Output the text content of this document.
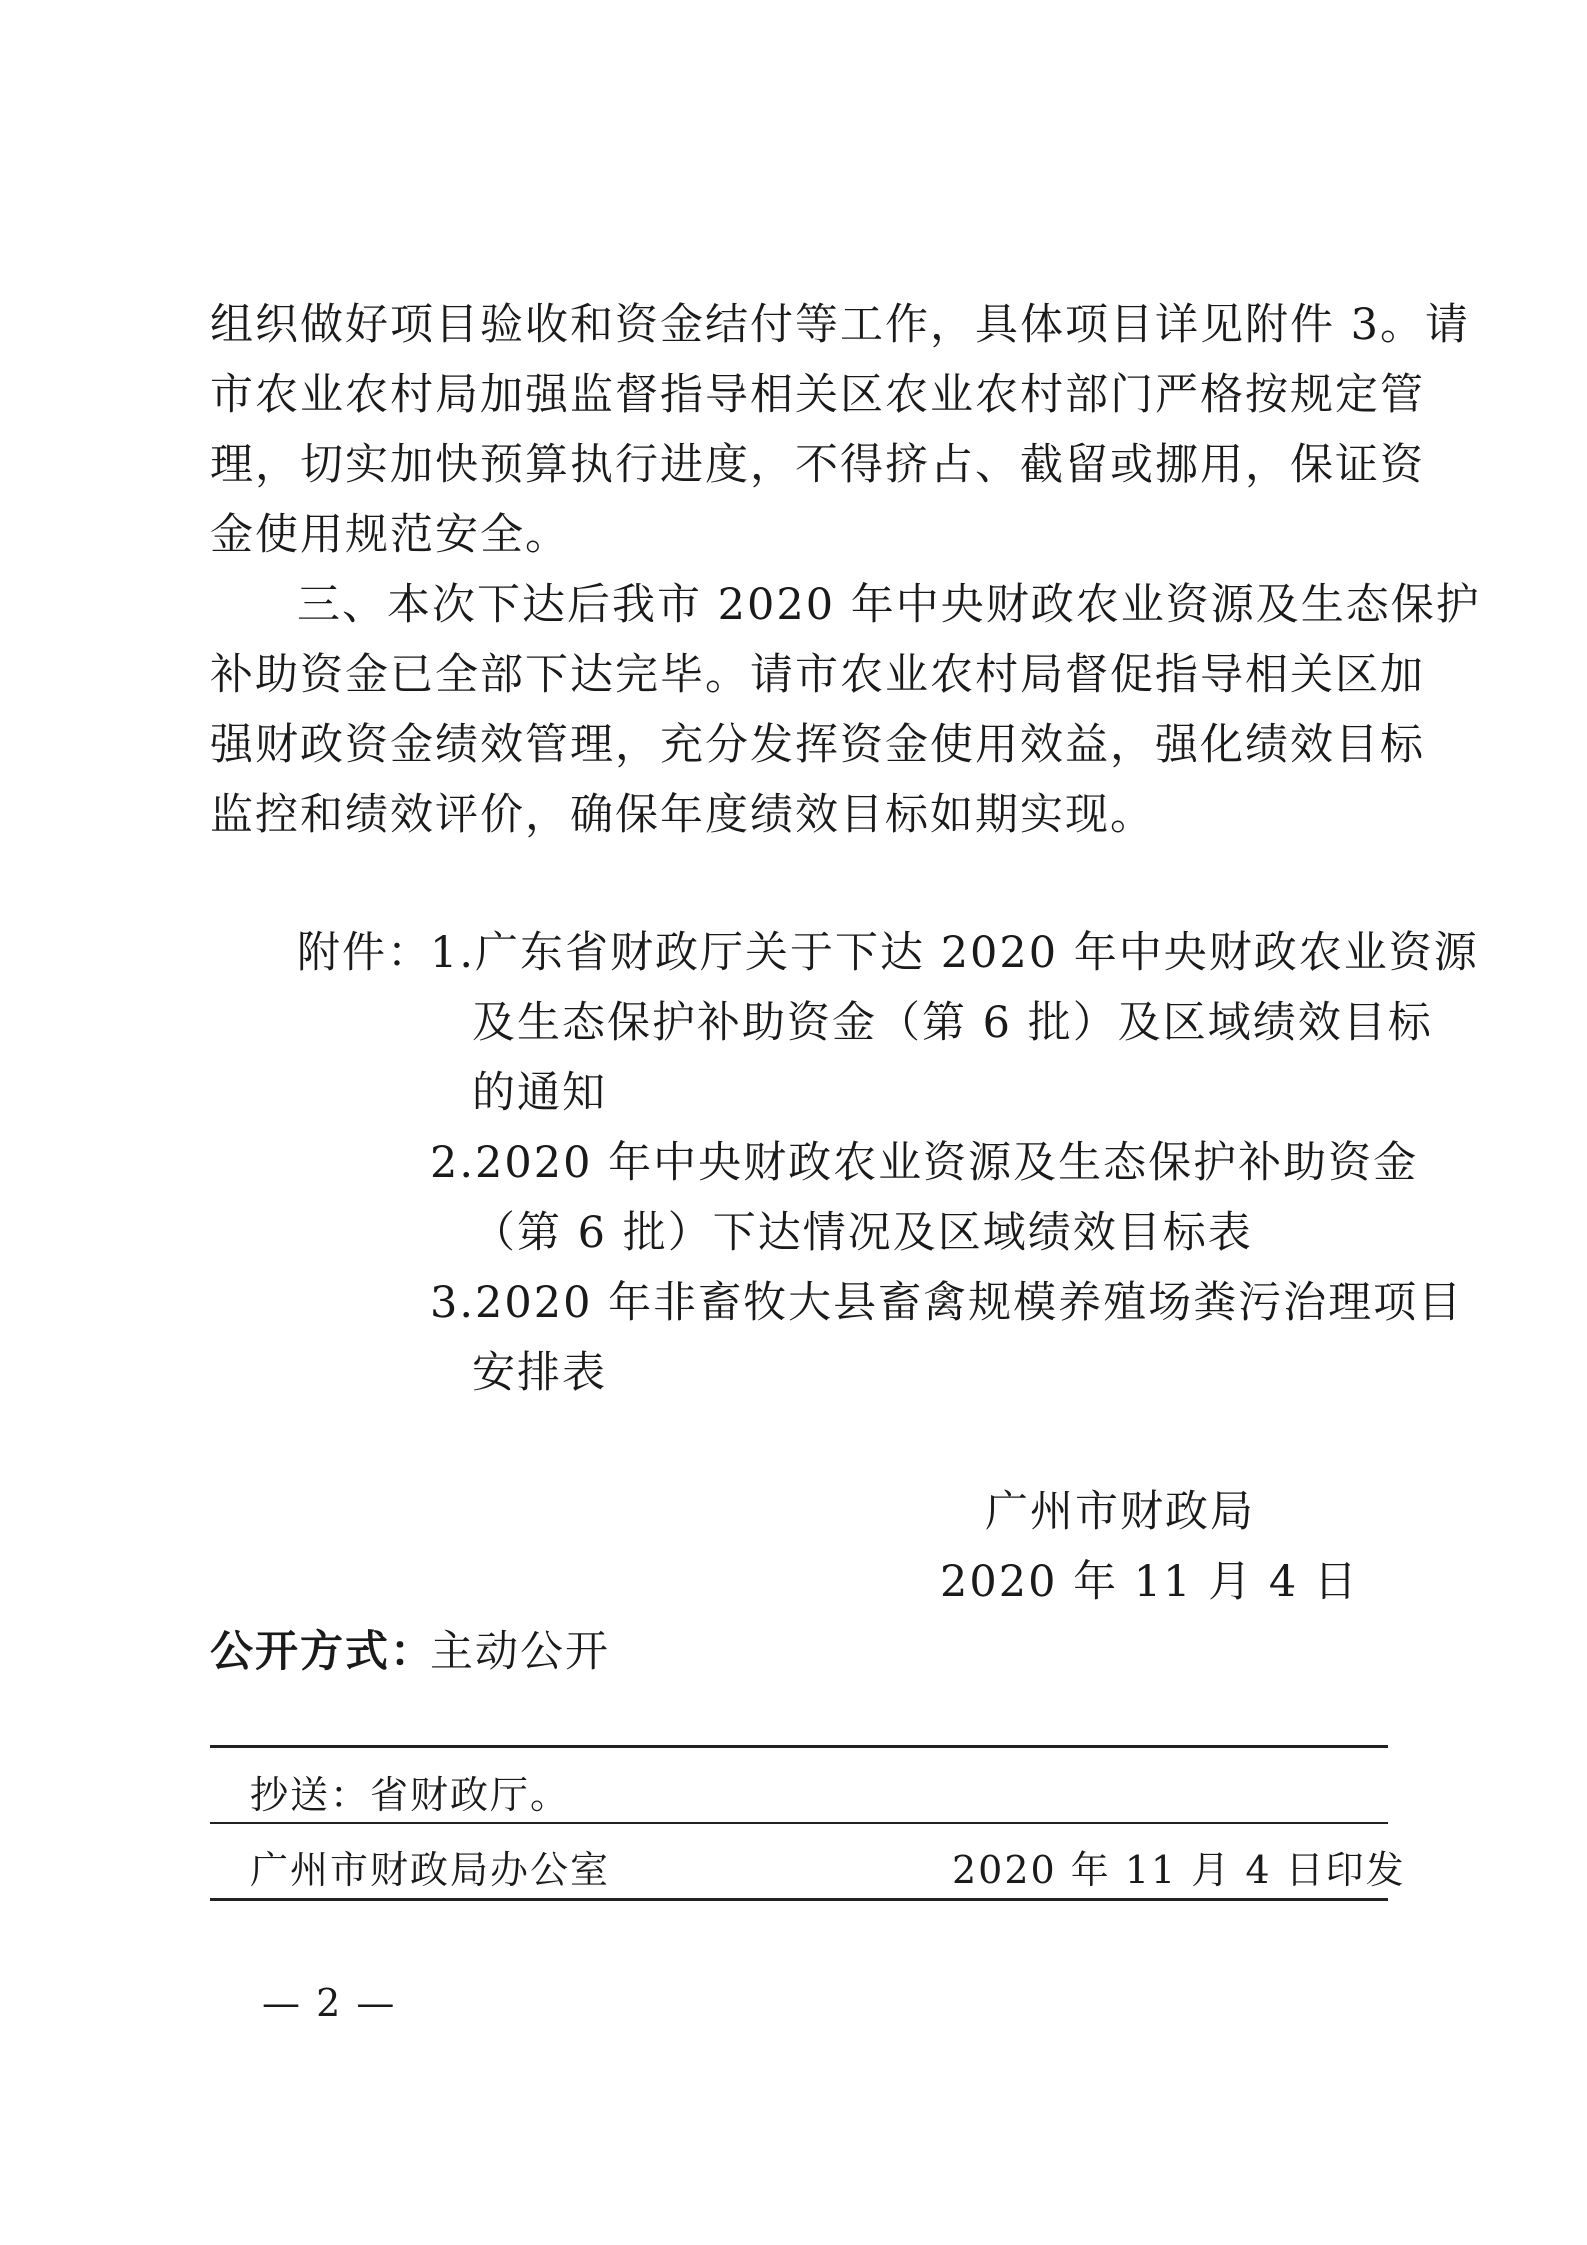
组织做好项目验收和资金结付等工作，具体项目详见附件 3。请
市农业农村局加强监督指导相关区农业农村部门严格按规定管
理，切实加快预算执行进度，不得挤占、截留或挪用，保证资
金使用规范安全。
三、本次下达后我市 2020 年中央财政农业资源及生态保护
补助资金已全部下达完毕。请市农业农村局督促指导相关区加
强财政资金绩效管理，充分发挥资金使用效益，强化绩效目标
监控和绩效评价，确保年度绩效目标如期实现。
附件：
1.广东省财政厅关于下达 2020 年中央财政农业资源
及生态保护补助资金（第 6 批）及区域绩效目标
的通知
2.2020 年中央财政农业资源及生态保护补助资金
（第 6 批）下达情况及区域绩效目标表
3.2020 年非畜牧大县畜禽规模养殖场粪污治理项目
安排表
广州市财政局
2020 年 11 月 4 日
公开方式：
主动公开
抄送：省财政厅。
广州市财政局办公室	2020 年 11 月 4 日印发
— 2 —
